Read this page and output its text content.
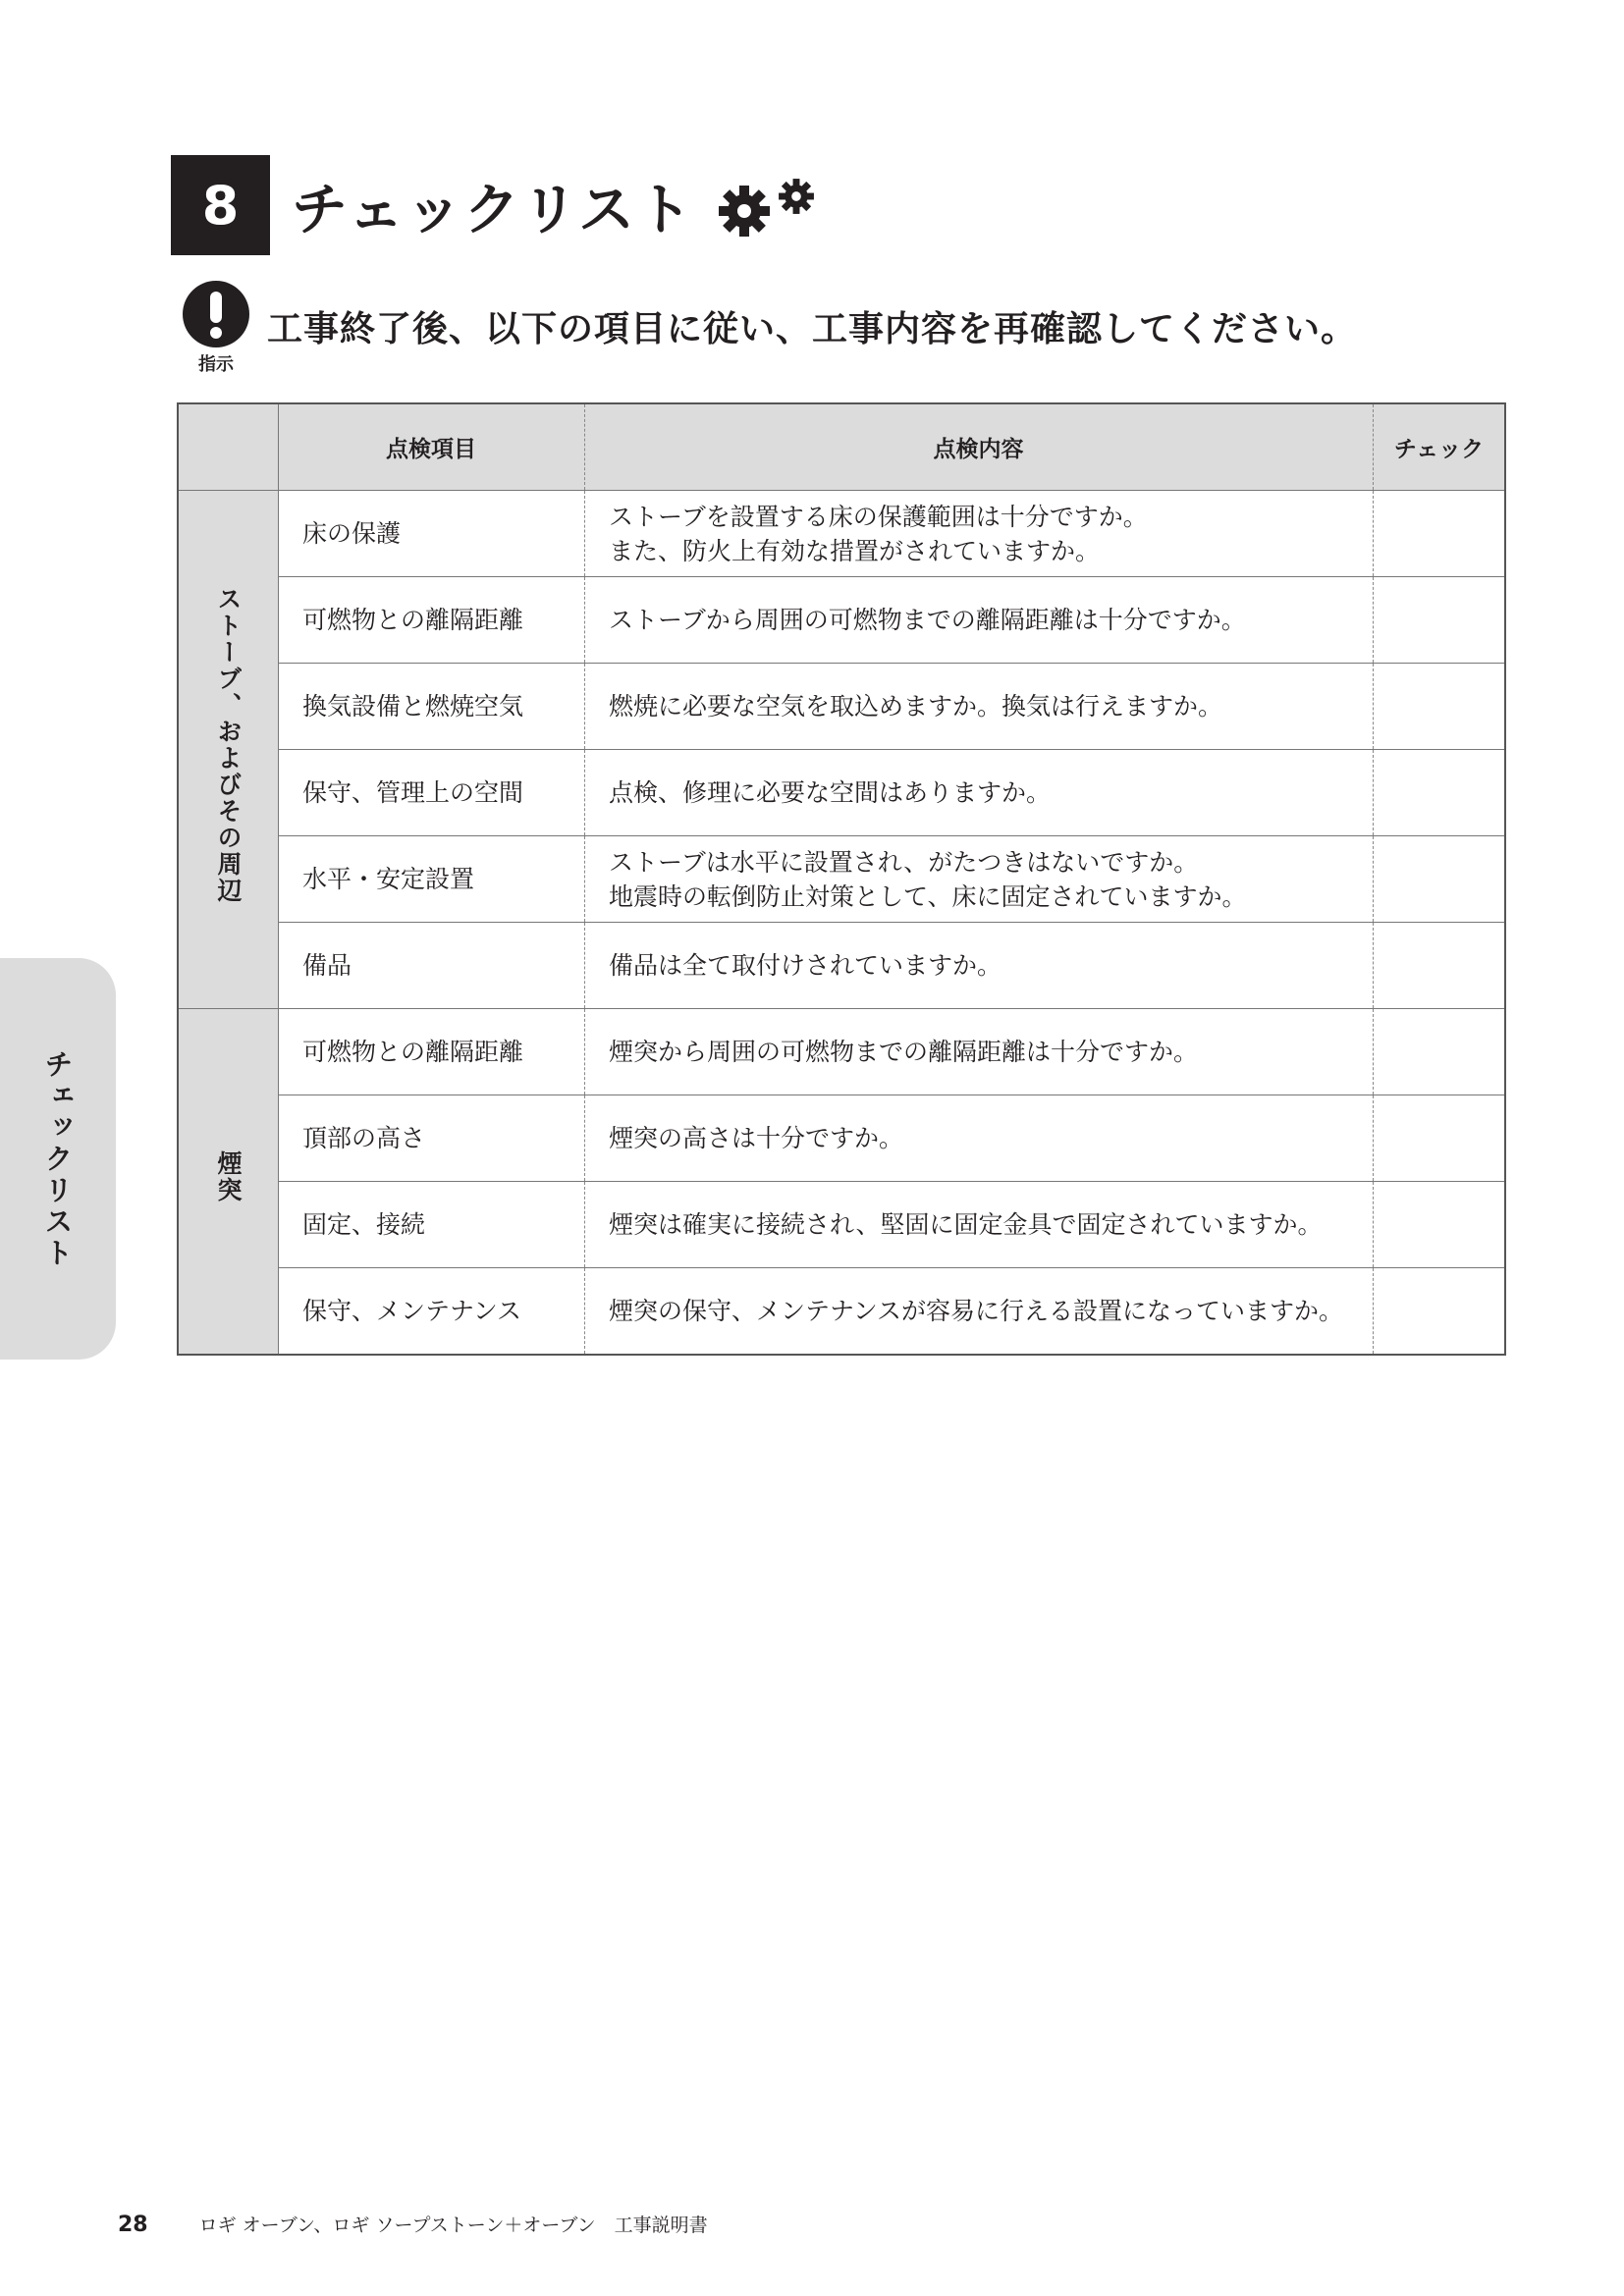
8 チェックリスト
指示
工事終了後、以下の項目に従い、工事内容を再確認してください。
	点検項目	点検内容	チェック
ストーブ、およびその周辺	床の保護	ストーブを設置する床の保護範囲は十分ですか。
また、防火上有効な措置がされていますか。	

	可燃物との離隔距離	ストーブから周囲の可燃物までの離隔距離は十分ですか。	

	換気設備と燃焼空気	燃焼に必要な空気を取込めますか。換気は行えますか。	

	保守、管理上の空間	点検、修理に必要な空間はありますか。	

	水平・安定設置	ストーブは水平に設置され、がたつきはないですか。
地震時の転倒防止対策として、床に固定されていますか。	

	備品	備品は全て取付けされていますか。	

煙突	可燃物との離隔距離	煙突から周囲の可燃物までの離隔距離は十分ですか。	

	頂部の高さ	煙突の高さは十分ですか。	

	固定、接続	煙突は確実に接続され、堅固に固定金具で固定されていますか。	

	保守、メンテナンス	煙突の保守、メンテナンスが容易に行える設置になっていますか。	

チェックリスト
28	ロギ オーブン、ロギ ソープストーン＋オーブン　工事説明書
